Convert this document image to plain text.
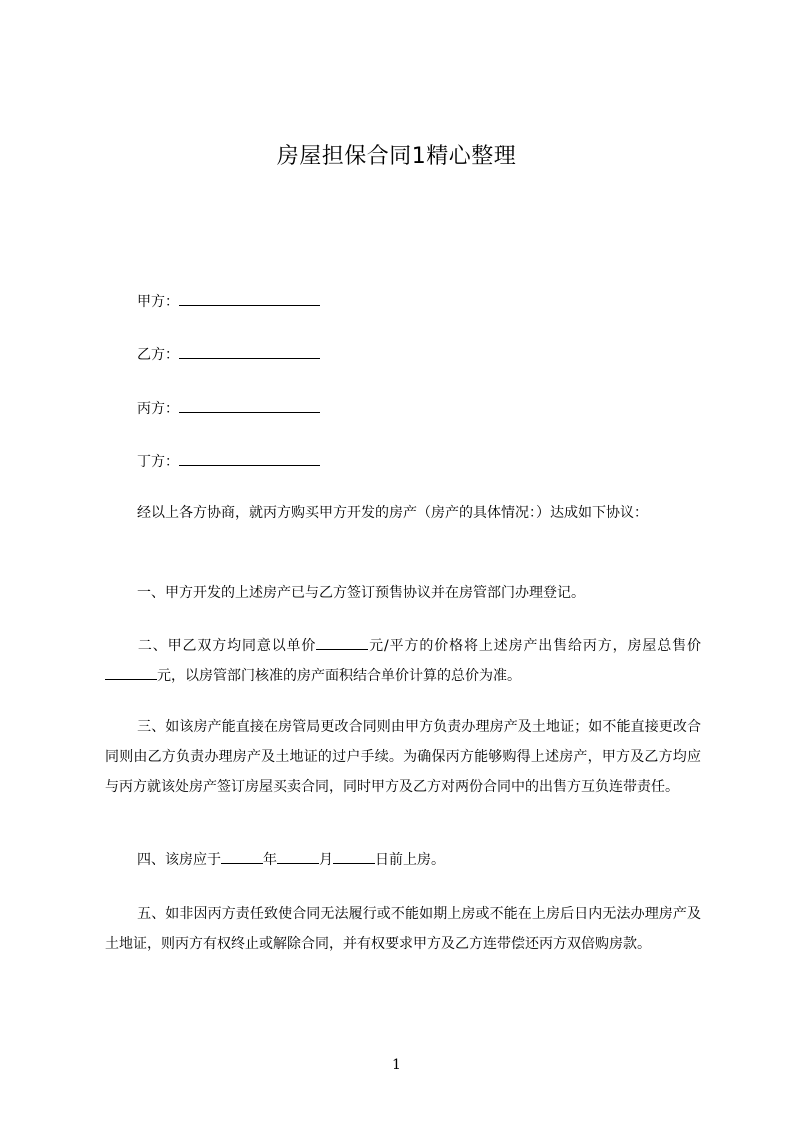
房屋担保合同1精心整理
甲方：
乙方：
丙方：
丁方：

经以上各方协商，就丙方购买甲方开发的房产（房产的具体情况：）达成如下协议：

一、甲方开发的上述房产已与乙方签订预售协议并在房管部门办理登记。

二、甲乙双方均同意以单价	元/平方的价格将上述房产出售给丙方，房屋总售价元，以房管部门核准的房产面积结合单价计算的总价为准。

三、如该房产能直接在房管局更改合同则由甲方负责办理房产及土地证；如不能直接更改合同则由乙方负责办理房产及土地证的过户手续。为确保丙方能够购得上述房产，甲方及乙方均应与丙方就该处房产签订房屋买卖合同，同时甲方及乙方对两份合同中的出售方互负连带责任。

四、该房应于	年	月	日前上房。

五、如非因丙方责任致使合同无法履行或不能如期上房或不能在上房后日内无法办理房产及土地证，则丙方有权终止或解除合同，并有权要求甲方及乙方连带偿还丙方双倍购房款。

1
